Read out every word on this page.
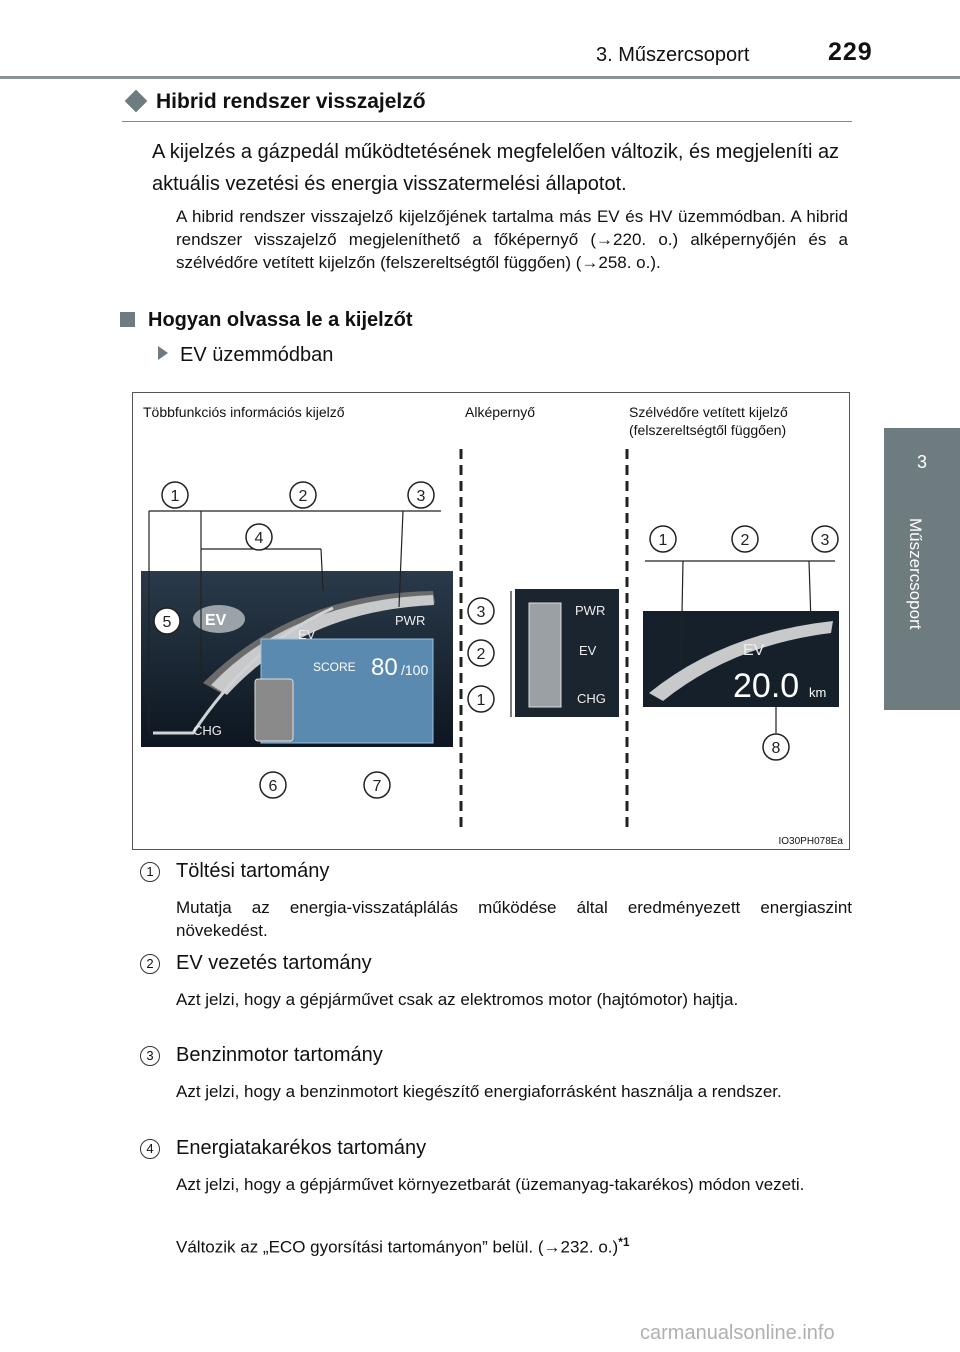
3. Műszercsoport	229
3
Műszercsoport
Hibrid rendszer visszajelző
A kijelzés a gázpedál működtetésének megfelelően változik, és megjeleníti az aktuális vezetési és energia visszatermelési állapotot.
A hibrid rendszer visszajelző kijelzőjének tartalma más EV és HV üzemmódban. A hibrid rendszer visszajelző megjeleníthető a főképernyő (→220. o.) alképernyőjén és a szélvédőre vetített kijelzőn (felszereltségtől függően) (→258. o.).
Hogyan olvassa le a kijelzőt
EV üzemmódban
Többfunkciós információs kijelző	Alképernyő	Szélvédőre vetített kijelző (felszereltségtől függően)
IO30PH078Ea
EV	PWR
EV
CHG
SCORE 80 /100
PWR
EV
CHG
EV
20.0 km
1	2	3
4
5
6	7
3
2
1
1	2	3
8
1	Töltési tartomány
Mutatja az energia-visszatáplálás működése által eredményezett energiaszint növekedést.
2	EV vezetés tartomány
Azt jelzi, hogy a gépjárművet csak az elektromos motor (hajtómotor) hajtja.
3	Benzinmotor tartomány
Azt jelzi, hogy a benzinmotort kiegészítő energiaforrásként használja a rendszer.
4	Energiatakarékos tartomány
Azt jelzi, hogy a gépjárművet környezetbarát (üzemanyag-takarékos) módon vezeti.
Változik az „ECO gyorsítási tartományon” belül. (→232. o.)$^{*1}$
carmanualsonline.info
